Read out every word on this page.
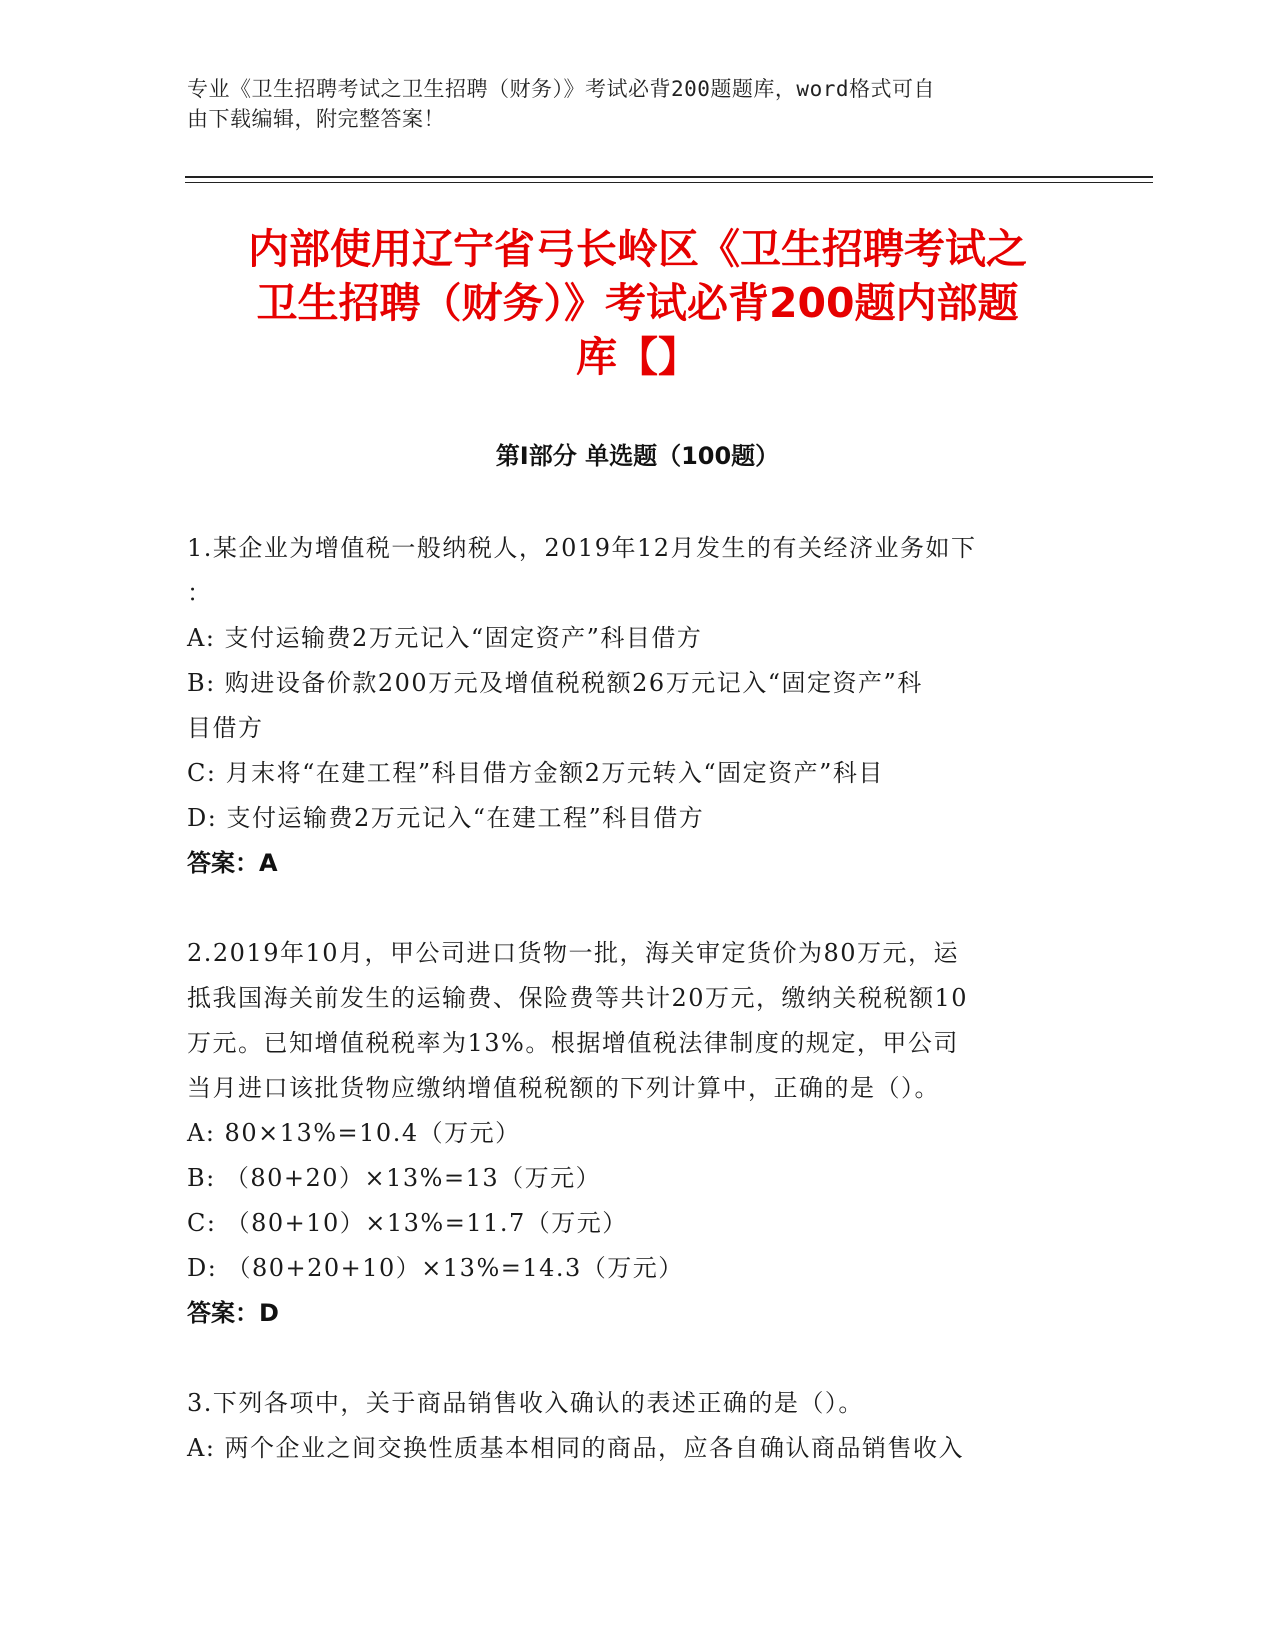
专业《卫生招聘考试之卫生招聘（财务）》考试必背200题题库，word格式可自
由下载编辑，附完整答案！
内部使用辽宁省弓长岭区《卫生招聘考试之
卫生招聘（财务）》考试必背200题内部题
库【】
第Ⅰ部分 单选题（100题）
1.某企业为增值税一般纳税人，2019年12月发生的有关经济业务如下
：
A: 支付运输费2万元记入“固定资产”科目借方
B: 购进设备价款200万元及增值税税额26万元记入“固定资产”科
目借方
C: 月末将“在建工程”科目借方金额2万元转入“固定资产”科目
D: 支付运输费2万元记入“在建工程”科目借方
答案：A
2.2019年10月，甲公司进口货物一批，海关审定货价为80万元，运
抵我国海关前发生的运输费、保险费等共计20万元，缴纳关税税额10
万元。已知增值税税率为13%。根据增值税法律制度的规定，甲公司
当月进口该批货物应缴纳增值税税额的下列计算中，正确的是（）。
A: 80×13%=10.4（万元）
B: （80+20）×13%=13（万元）
C: （80+10）×13%=11.7（万元）
D: （80+20+10）×13%=14.3（万元）
答案：D
3.下列各项中，关于商品销售收入确认的表述正确的是（）。
A: 两个企业之间交换性质基本相同的商品，应各自确认商品销售收入
